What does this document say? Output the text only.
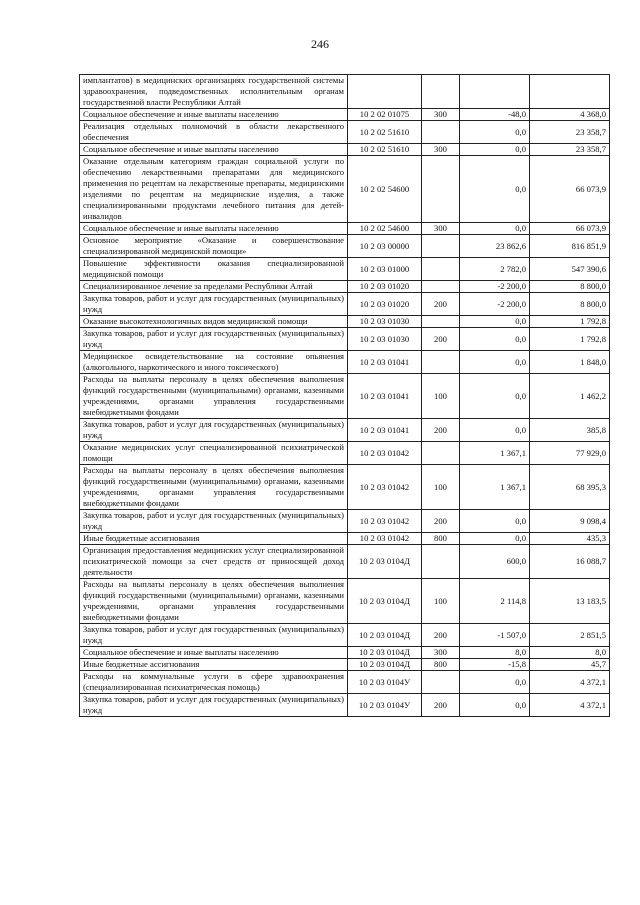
246
имплантатов) в медицинских организациях государственной системы здравоохранения, подведомственных исполнительным органам государственной власти Республики Алтай				
Социальное обеспечение и иные выплаты населению	10 2 02 01075	300	-48,0	4 368,0
Реализация отдельных полномочий в области лекарственного обеспечения	10 2 02 51610		0,0	23 358,7
Социальное обеспечение и иные выплаты населению	10 2 02 51610	300	0,0	23 358,7
Оказание отдельным категориям граждан социальной услуги по обеспечению лекарственными препаратами для медицинского применения по рецептам на лекарственные препараты, медицинскими изделиями по рецептам на медицинские изделия, а также специализированными продуктами лечебного питания для детей-инвалидов	10 2 02 54600		0,0	66 073,9
Социальное обеспечение и иные выплаты населению	10 2 02 54600	300	0,0	66 073,9
Основное мероприятие «Оказание и совершенствование специализированной медицинской помощи»	10 2 03 00000		23 862,6	816 851,9
Повышение эффективности оказания специализированной медицинской помощи	10 2 03 01000		2 782,0	547 390,6
Специализированное лечение за пределами Республики Алтай	10 2 03 01020		-2 200,0	8 800,0
Закупка товаров, работ и услуг для государственных (муниципальных) нужд	10 2 03 01020	200	-2 200,0	8 800,0
Оказание высокотехнологичных видов медицинской помощи	10 2 03 01030		0,0	1 792,8
Закупка товаров, работ и услуг для государственных (муниципальных) нужд	10 2 03 01030	200	0,0	1 792,8
Медицинское освидетельствование на состояние опьянения (алкогольного, наркотического и иного токсического)	10 2 03 01041		0,0	1 848,0
Расходы на выплаты персоналу в целях обеспечения выполнения функций государственными (муниципальными) органами, казенными учреждениями, органами управления государственными внебюджетными фондами	10 2 03 01041	100	0,0	1 462,2
Закупка товаров, работ и услуг для государственных (муниципальных) нужд	10 2 03 01041	200	0,0	385,8
Оказание медицинских услуг специализированной психиатрической помощи	10 2 03 01042		1 367,1	77 929,0
Расходы на выплаты персоналу в целях обеспечения выполнения функций государственными (муниципальными) органами, казенными учреждениями, органами управления государственными внебюджетными фондами	10 2 03 01042	100	1 367,1	68 395,3
Закупка товаров, работ и услуг для государственных (муниципальных) нужд	10 2 03 01042	200	0,0	9 098,4
Иные бюджетные ассигнования	10 2 03 01042	800	0,0	435,3
Организация предоставления медицинских услуг специализированной психиатрической помощи за счет средств от приносящей доход деятельности	10 2 03 0104Д		600,0	16 088,7
Расходы на выплаты персоналу в целях обеспечения выполнения функций государственными (муниципальными) органами, казенными учреждениями, органами управления государственными внебюджетными фондами	10 2 03 0104Д	100	2 114,8	13 183,5
Закупка товаров, работ и услуг для государственных (муниципальных) нужд	10 2 03 0104Д	200	-1 507,0	2 851,5
Социальное обеспечение и иные выплаты населению	10 2 03 0104Д	300	8,0	8,0
Иные бюджетные ассигнования	10 2 03 0104Д	800	-15,8	45,7
Расходы на коммунальные услуги в сфере здравоохранения (специализированная психиатрическая помощь)	10 2 03 0104У		0,0	4 372,1
Закупка товаров, работ и услуг для государственных (муниципальных) нужд	10 2 03 0104У	200	0,0	4 372,1
